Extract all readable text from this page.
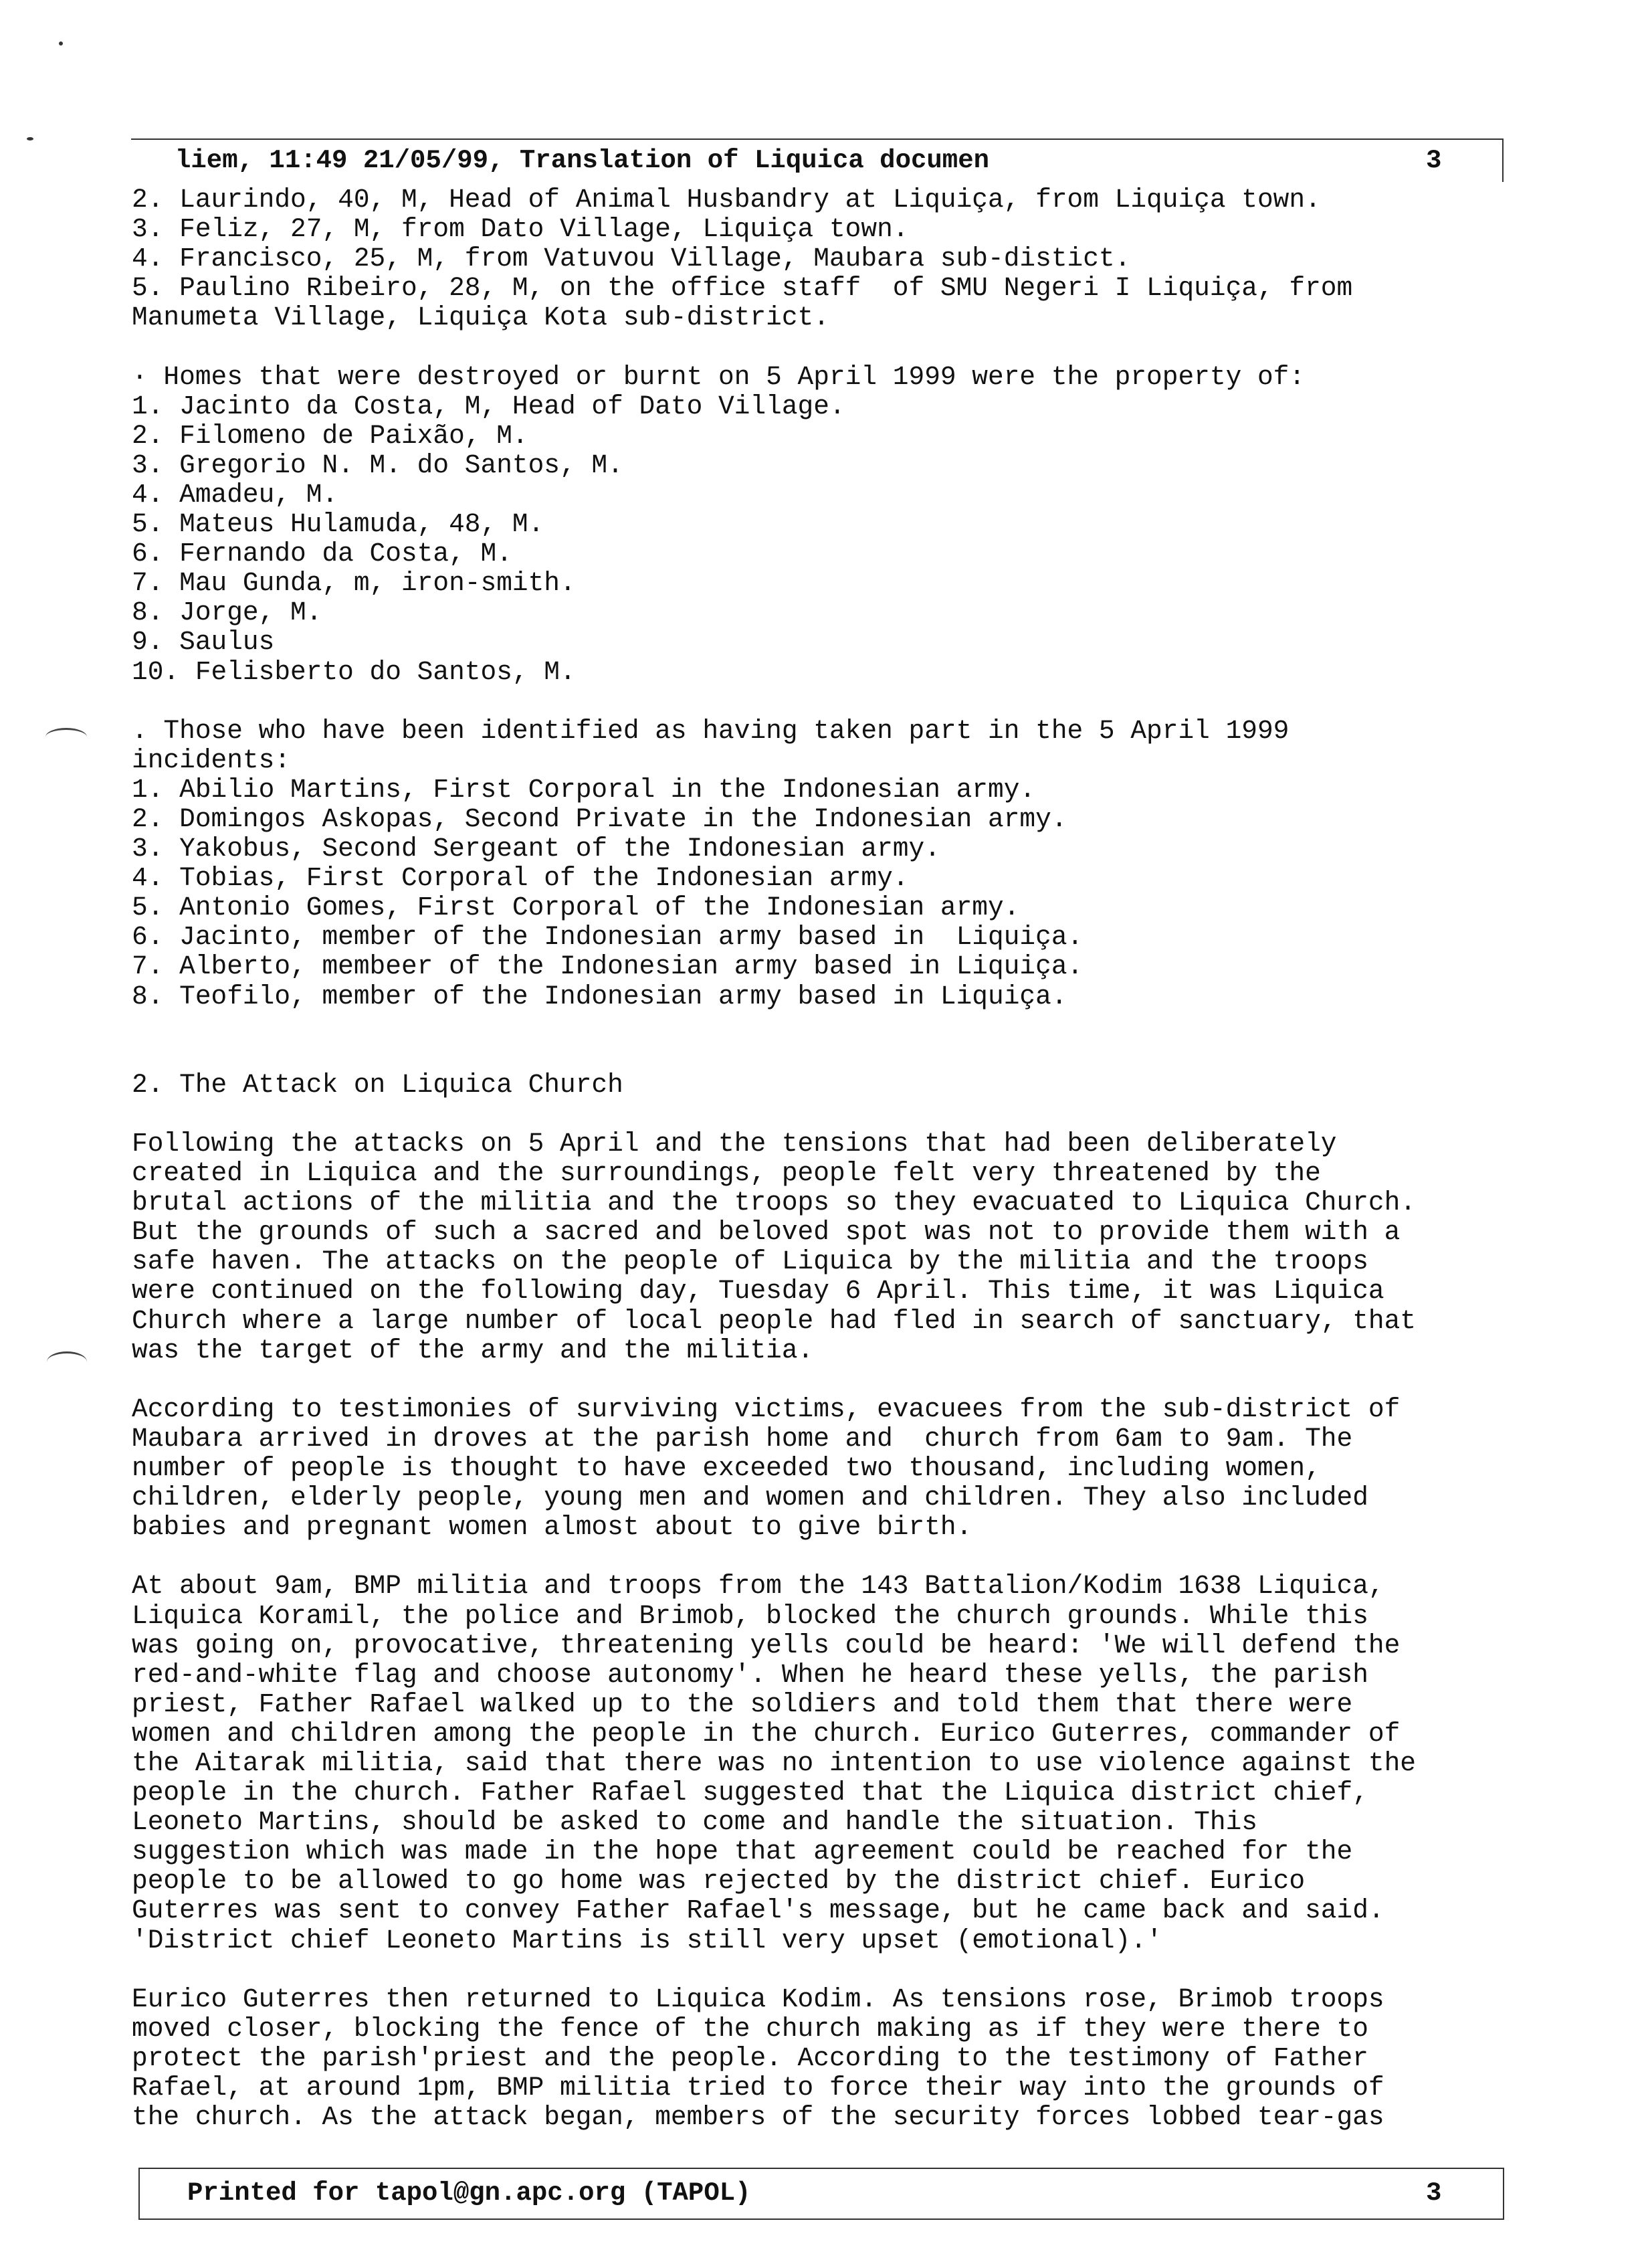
liem, 11:49 21/05/99, Translation of Liquica documen	3
2. Laurindo, 40, M, Head of Animal Husbandry at Liquiça, from Liquiça town.
3. Feliz, 27, M, from Dato Village, Liquiça town.
4. Francisco, 25, M, from Vatuvou Village, Maubara sub-distict.
5. Paulino Ribeiro, 28, M, on the office staff  of SMU Negeri I Liquiça, from
Manumeta Village, Liquiça Kota sub-district.
· Homes that were destroyed or burnt on 5 April 1999 were the property of:
1. Jacinto da Costa, M, Head of Dato Village.
2. Filomeno de Paixão, M.
3. Gregorio N. M. do Santos, M.
4. Amadeu, M.
5. Mateus Hulamuda, 48, M.
6. Fernando da Costa, M.
7. Mau Gunda, m, iron-smith.
8. Jorge, M.
9. Saulus
10. Felisberto do Santos, M.
. Those who have been identified as having taken part in the 5 April 1999
incidents:
1. Abilio Martins, First Corporal in the Indonesian army.
2. Domingos Askopas, Second Private in the Indonesian army.
3. Yakobus, Second Sergeant of the Indonesian army.
4. Tobias, First Corporal of the Indonesian army.
5. Antonio Gomes, First Corporal of the Indonesian army.
6. Jacinto, member of the Indonesian army based in  Liquiça.
7. Alberto, membeer of the Indonesian army based in Liquiça.
8. Teofilo, member of the Indonesian army based in Liquiça.
2. The Attack on Liquica Church
Following the attacks on 5 April and the tensions that had been deliberately
created in Liquica and the surroundings, people felt very threatened by the
brutal actions of the militia and the troops so they evacuated to Liquica Church.
But the grounds of such a sacred and beloved spot was not to provide them with a
safe haven. The attacks on the people of Liquica by the militia and the troops
were continued on the following day, Tuesday 6 April. This time, it was Liquica
Church where a large number of local people had fled in search of sanctuary, that
was the target of the army and the militia.
According to testimonies of surviving victims, evacuees from the sub-district of
Maubara arrived in droves at the parish home and  church from 6am to 9am. The
number of people is thought to have exceeded two thousand, including women,
children, elderly people, young men and women and children. They also included
babies and pregnant women almost about to give birth.
At about 9am, BMP militia and troops from the 143 Battalion/Kodim 1638 Liquica,
Liquica Koramil, the police and Brimob, blocked the church grounds. While this
was going on, provocative, threatening yells could be heard: 'We will defend the
red-and-white flag and choose autonomy'. When he heard these yells, the parish
priest, Father Rafael walked up to the soldiers and told them that there were
women and children among the people in the church. Eurico Guterres, commander of
the Aitarak militia, said that there was no intention to use violence against the
people in the church. Father Rafael suggested that the Liquica district chief,
Leoneto Martins, should be asked to come and handle the situation. This
suggestion which was made in the hope that agreement could be reached for the
people to be allowed to go home was rejected by the district chief. Eurico
Guterres was sent to convey Father Rafael's message, but he came back and said.
'District chief Leoneto Martins is still very upset (emotional).'
Eurico Guterres then returned to Liquica Kodim. As tensions rose, Brimob troops
moved closer, blocking the fence of the church making as if they were there to
protect the parish'priest and the people. According to the testimony of Father
Rafael, at around 1pm, BMP militia tried to force their way into the grounds of
the church. As the attack began, members of the security forces lobbed tear-gas
Printed for tapol@gn.apc.org (TAPOL)	3
